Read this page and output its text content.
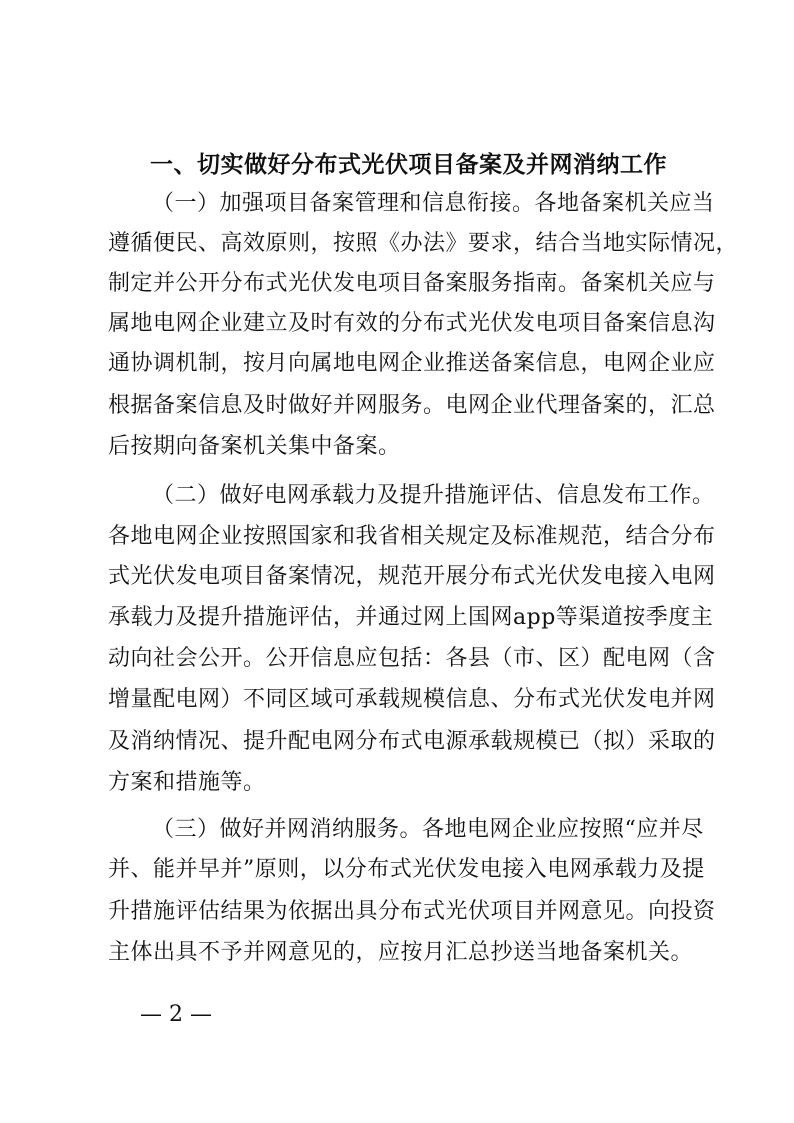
一、切实做好分布式光伏项目备案及并网消纳工作
（一）加强项目备案管理和信息衔接。各地备案机关应当
遵循便民、高效原则，按照《办法》要求，结合当地实际情况，
制定并公开分布式光伏发电项目备案服务指南。备案机关应与
属地电网企业建立及时有效的分布式光伏发电项目备案信息沟
通协调机制，按月向属地电网企业推送备案信息，电网企业应
根据备案信息及时做好并网服务。电网企业代理备案的，汇总
后按期向备案机关集中备案。
（二）做好电网承载力及提升措施评估、信息发布工作。
各地电网企业按照国家和我省相关规定及标准规范，结合分布
式光伏发电项目备案情况，规范开展分布式光伏发电接入电网
承载力及提升措施评估，并通过网上国网app等渠道按季度主
动向社会公开。公开信息应包括：各县（市、区）配电网（含
增量配电网）不同区域可承载规模信息、分布式光伏发电并网
及消纳情况、提升配电网分布式电源承载规模已（拟）采取的
方案和措施等。
（三）做好并网消纳服务。各地电网企业应按照“应并尽
并、能并早并”原则，以分布式光伏发电接入电网承载力及提
升措施评估结果为依据出具分布式光伏项目并网意见。向投资
主体出具不予并网意见的，应按月汇总抄送当地备案机关。
— 2 —
